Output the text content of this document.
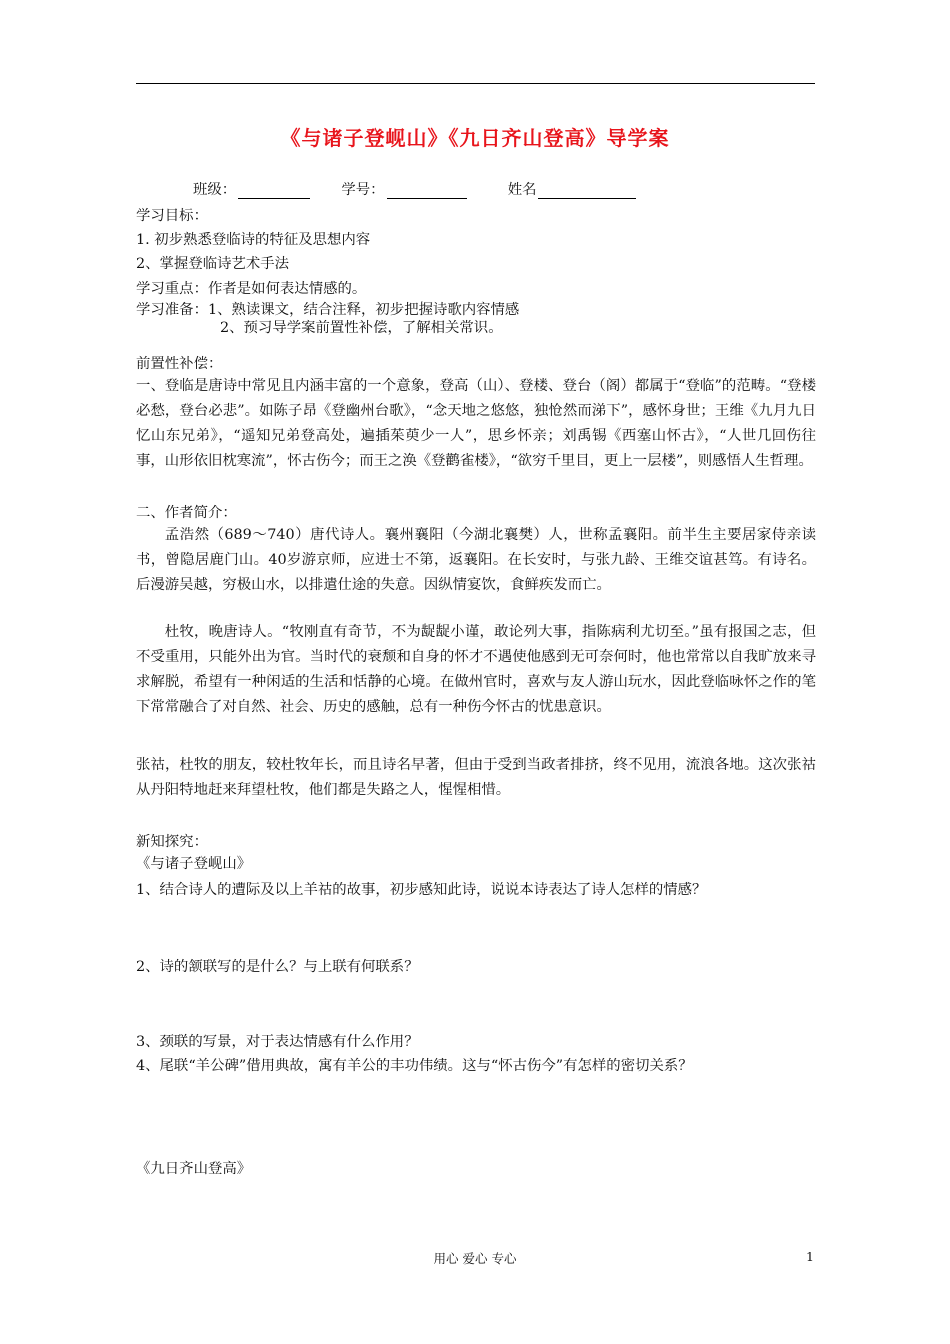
《与诸子登岘山》《九日齐山登高》导学案
班级：	学号：	姓名
学习目标：
1. 初步熟悉登临诗的特征及思想内容
2、掌握登临诗艺术手法
学习重点：作者是如何表达情感的。
学习准备：1、熟读课文，结合注释，初步把握诗歌内容情感
2、预习导学案前置性补偿，了解相关常识。
前置性补偿：
一、登临是唐诗中常见且内涵丰富的一个意象，登高（山）、登楼、登台（阁）都属于“登临”的范畴。“登楼必愁，登台必悲”。如陈子昂《登幽州台歌》，“念天地之悠悠，独怆然而涕下”，感怀身世；王维《九月九日忆山东兄弟》，“遥知兄弟登高处，遍插茱萸少一人”，思乡怀亲；刘禹锡《西塞山怀古》，“人世几回伤往事，山形依旧枕寒流”，怀古伤今；而王之涣《登鹳雀楼》，“欲穷千里目，更上一层楼”，则感悟人生哲理。
二、作者简介：
孟浩然（689～740）唐代诗人。襄州襄阳（今湖北襄樊）人，世称孟襄阳。前半生主要居家侍亲读书，曾隐居鹿门山。40岁游京师，应进士不第，返襄阳。在长安时，与张九龄、王维交谊甚笃。有诗名。后漫游吴越，穷极山水，以排遣仕途的失意。因纵情宴饮，食鲜疾发而亡。
杜牧，晚唐诗人。“牧刚直有奇节，不为龊龊小谨，敢论列大事，指陈病利尤切至。”虽有报国之志，但不受重用，只能外出为官。当时代的衰颓和自身的怀才不遇使他感到无可奈何时，他也常常以自我旷放来寻求解脱，希望有一种闲适的生活和恬静的心境。在做州官时，喜欢与友人游山玩水，因此登临咏怀之作的笔下常常融合了对自然、社会、历史的感触，总有一种伤今怀古的忧患意识。
张祜，杜牧的朋友，较杜牧年长，而且诗名早著，但由于受到当政者排挤，终不见用，流浪各地。这次张祜从丹阳特地赶来拜望杜牧，他们都是失路之人，惺惺相惜。
新知探究：
《与诸子登岘山》
1、结合诗人的遭际及以上羊祜的故事，初步感知此诗，说说本诗表达了诗人怎样的情感？
2、诗的颔联写的是什么？与上联有何联系？
3、颈联的写景，对于表达情感有什么作用？
4、尾联“羊公碑”借用典故，寓有羊公的丰功伟绩。这与“怀古伤今”有怎样的密切关系？
《九日齐山登高》
用心 爱心 专心	1
